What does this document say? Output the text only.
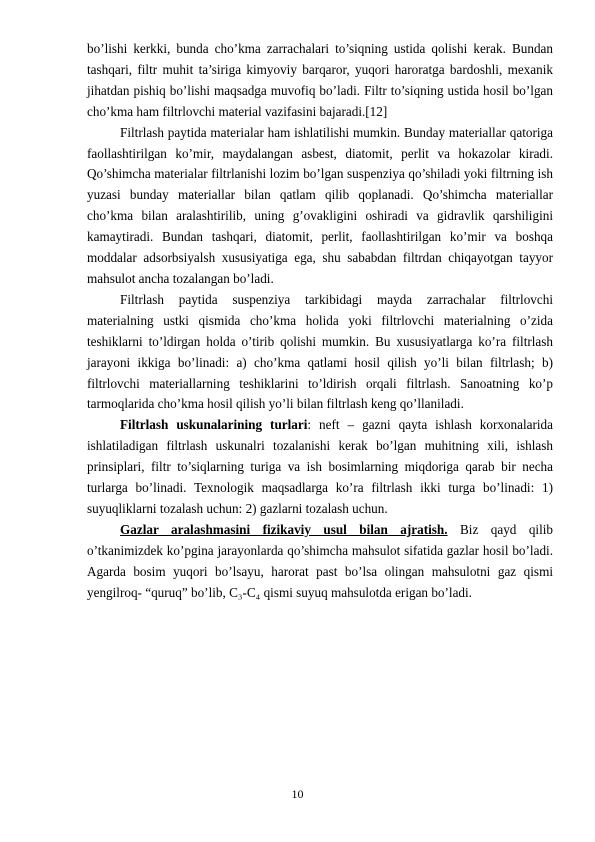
bo’lishi kerkki, bunda cho’kma zarrachalari to’siqning ustida qolishi kerak. Bundan tashqari, filtr muhit ta’siriga kimyoviy barqaror, yuqori haroratga bardoshli, mexanik jihatdan pishiq bo’lishi maqsadga muvofiq bo’ladi. Filtr to’siqning ustida hosil bo’lgan cho’kma ham filtrlovchi material vazifasini bajaradi.[12]

Filtrlash paytida materialar ham ishlatilishi mumkin. Bunday materiallar qatoriga faollashtirilgan ko’mir, maydalangan asbest, diatomit, perlit va hokazolar kiradi. Qo’shimcha materialar filtrlanishi lozim bo’lgan suspenziya qo’shiladi yoki filtrning ish yuzasi bunday materiallar bilan qatlam qilib qoplanadi. Qo’shimcha materiallar cho’kma bilan aralashtirilib, uning g’ovakligini oshiradi va gidravlik qarshiligini kamaytiradi. Bundan tashqari, diatomit, perlit, faollashtirilgan ko’mir va boshqa moddalar adsorbsiyalsh xususiyatiga ega, shu sababdan filtrdan chiqayotgan tayyor mahsulot ancha tozalangan bo’ladi.

Filtrlash paytida suspenziya tarkibidagi mayda zarrachalar filtrlovchi materialning ustki qismida cho’kma holida yoki filtrlovchi materialning o’zida teshiklarni to’ldirgan holda o’tirib qolishi mumkin. Bu xususiyatlarga ko’ra filtrlash jarayoni ikkiga bo’linadi: a) cho’kma qatlami hosil qilish yo’li bilan filtrlash; b) filtrlovchi materiallarning teshiklarini to’ldirish orqali filtrlash. Sanoatning ko’p tarmoqlarida cho’kma hosil qilish yo’li bilan filtrlash keng qo’llaniladi.

Filtrlash uskunalarining turlari: neft – gazni qayta ishlash korxonalarida ishlatiladigan filtrlash uskunalri tozalanishi kerak bo’lgan muhitning xili, ishlash prinsiplari, filtr to’siqlarning turiga va ish bosimlarning miqdoriga qarab bir necha turlarga bo’linadi. Texnologik maqsadlarga ko’ra filtrlash ikki turga bo’linadi: 1) suyuqliklarni tozalash uchun: 2) gazlarni tozalash uchun.

Gazlar aralashmasini fizikaviy usul bilan ajratish. Biz qayd qilib o’tkanimizdek ko’pgina jarayonlarda qo’shimcha mahsulot sifatida gazlar hosil bo’ladi. Agarda bosim yuqori bo’lsayu, harorat past bo’lsa olingan mahsulotni gaz qismi yengilroq- “quruq” bo’lib, C₃-C₄ qismi suyuq mahsulotda erigan bo’ladi.

10
